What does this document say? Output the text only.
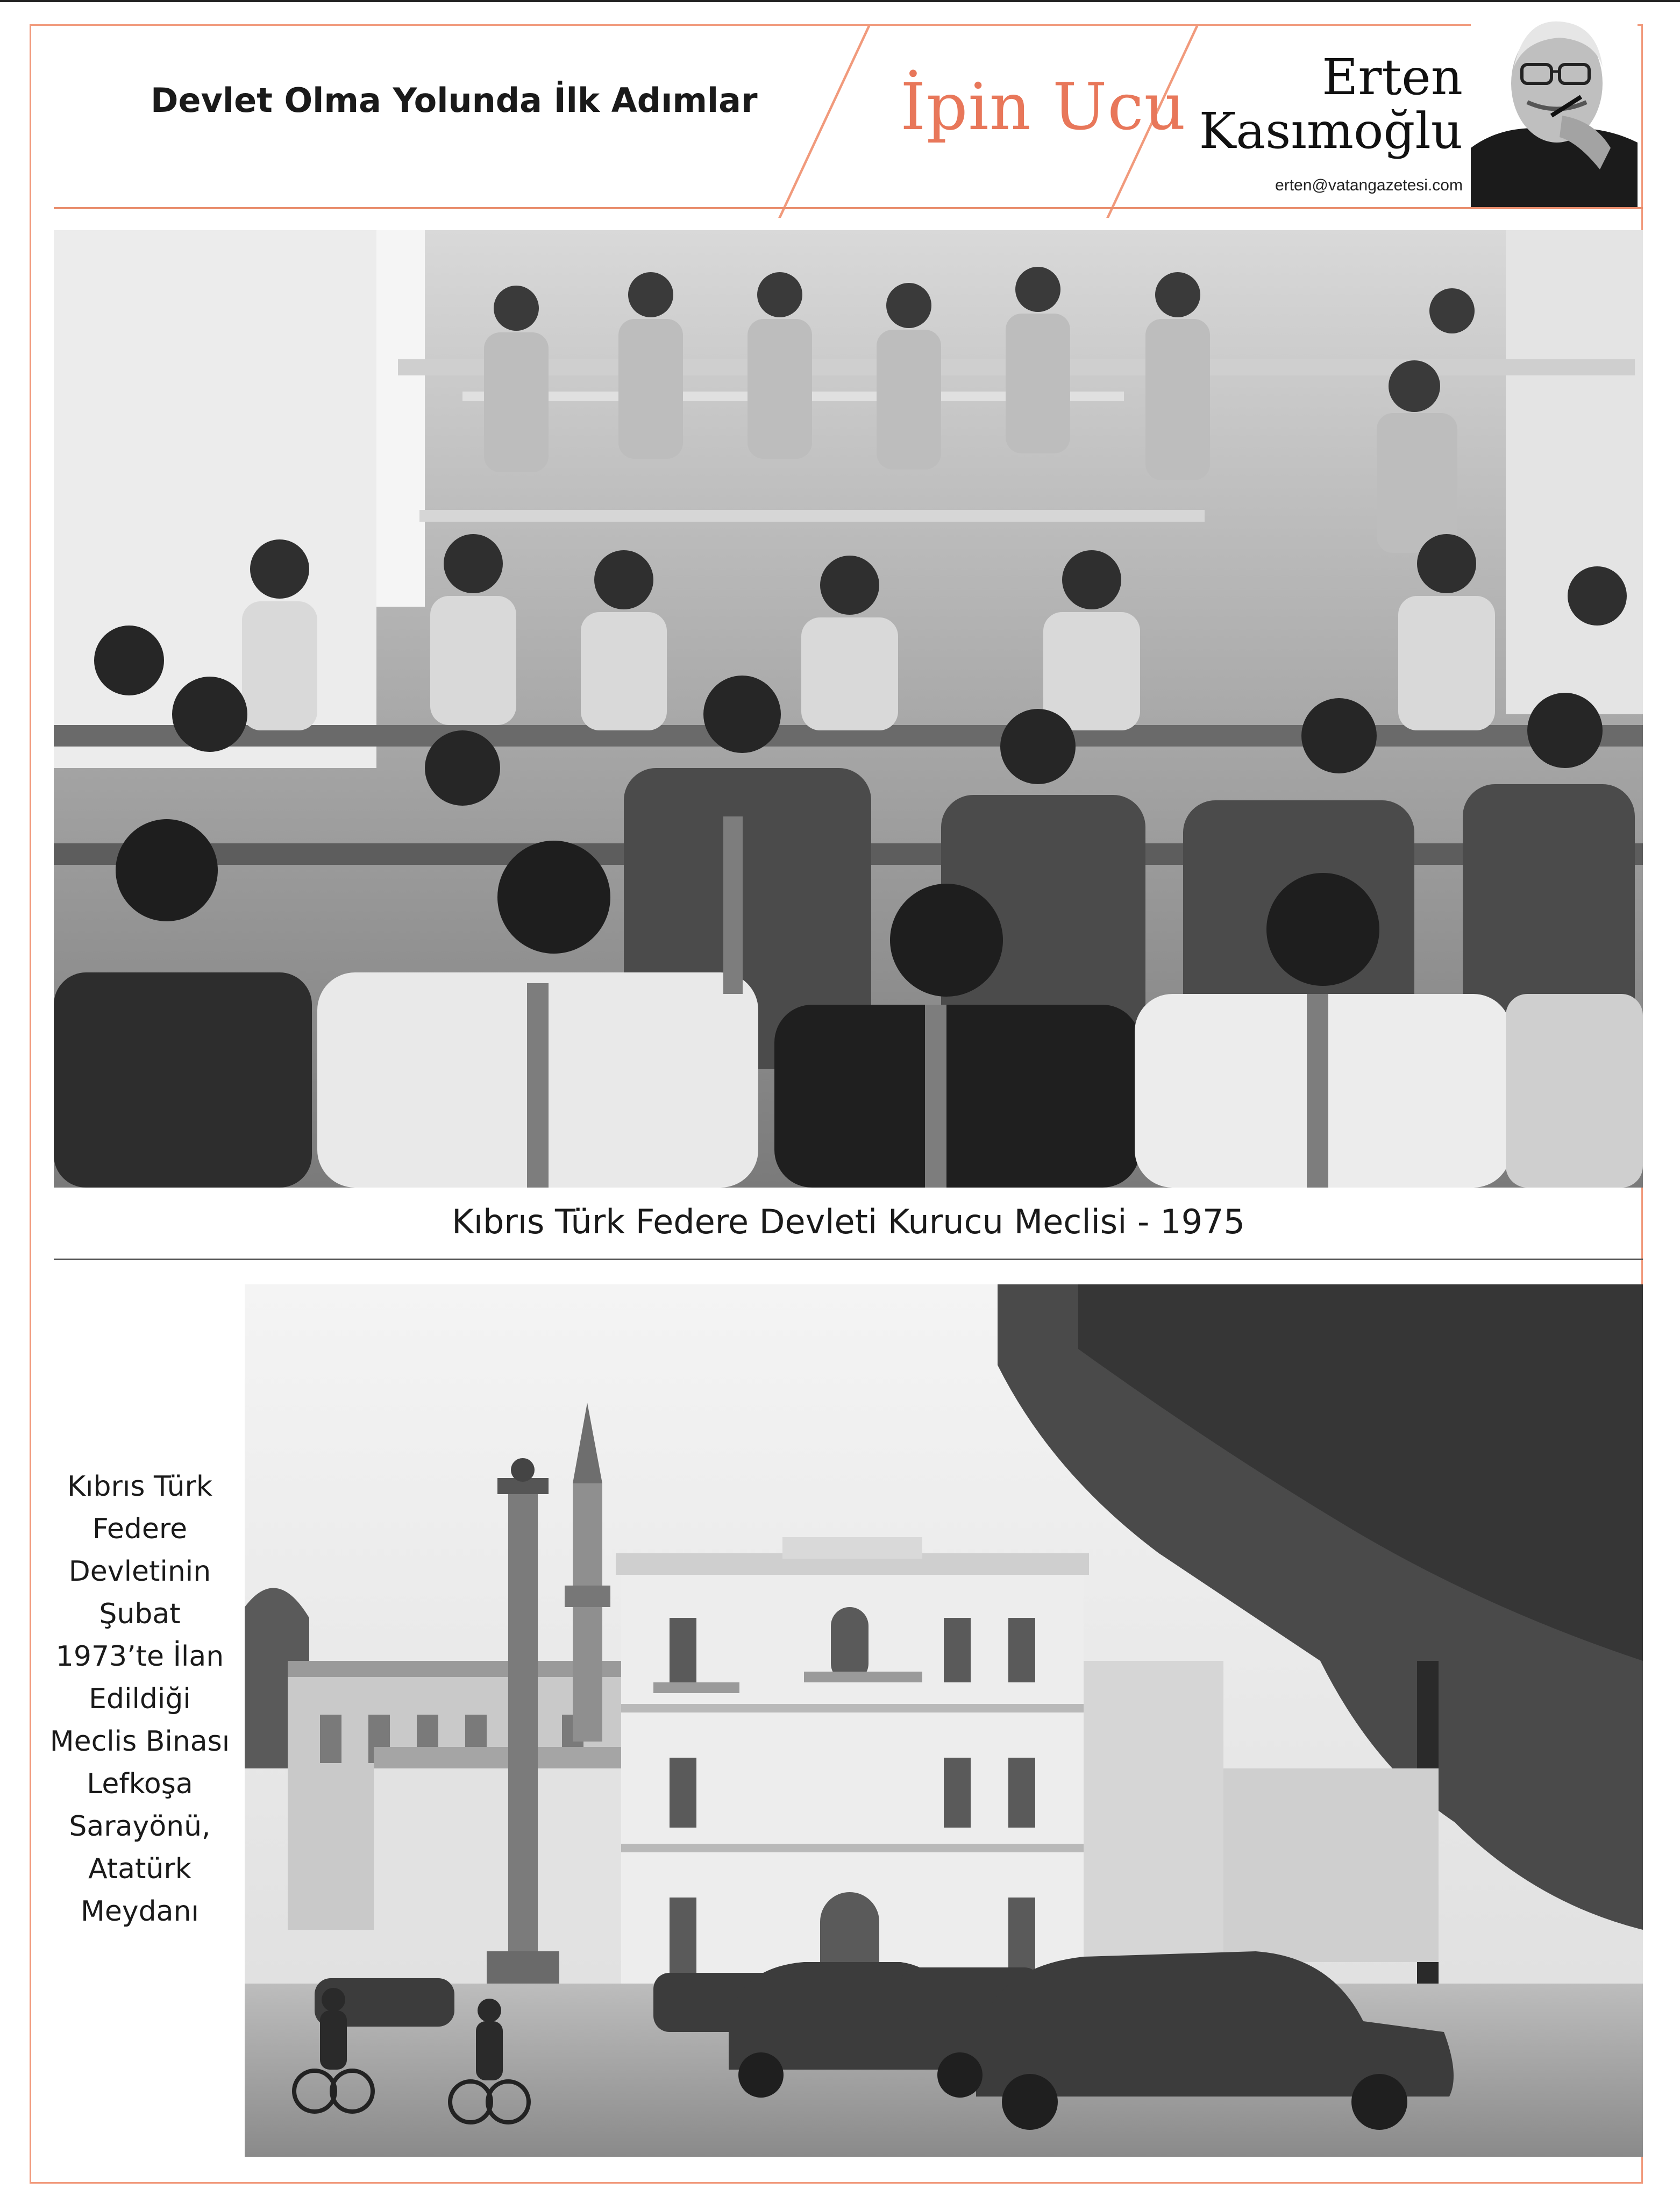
Devlet Olma Yolunda İlk Adımlar	İpin Ucu	Erten
Kasımoğlu
erten@vatangazetesi.com
Kıbrıs Türk Federe Devleti Kurucu Meclisi - 1975
Kıbrıs Türk
Federe
Devletinin
Şubat
1973’te İlan
Edildiği
Meclis Binası
Lefkoşa
Sarayönü,
Atatürk
Meydanı
